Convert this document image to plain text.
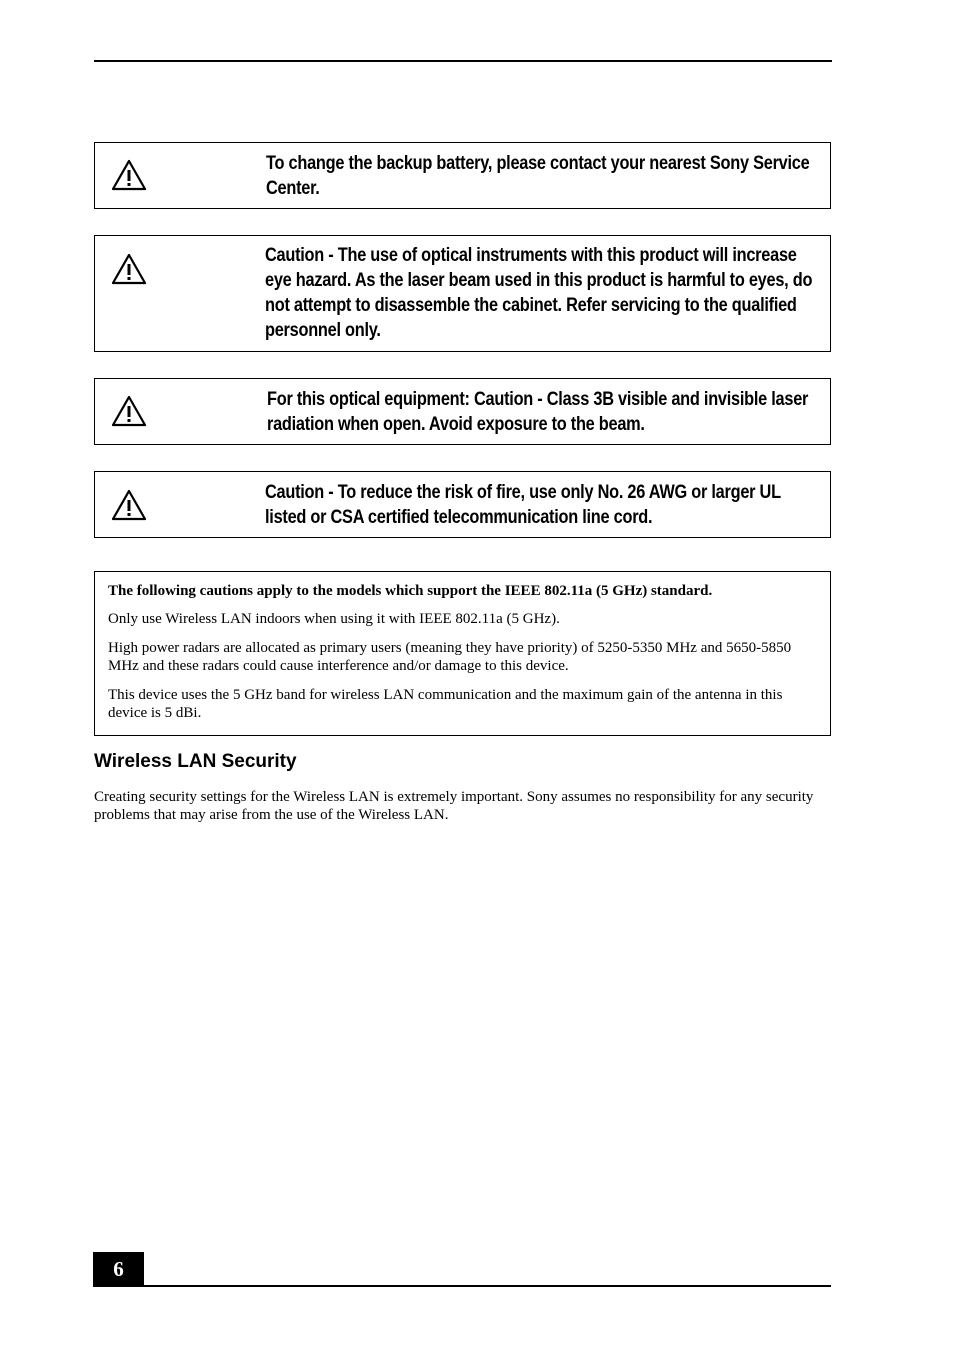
To change the backup battery, please contact your nearest Sony Service Center.
Caution - The use of optical instruments with this product will increase eye hazard. As the laser beam used in this product is harmful to eyes, do not attempt to disassemble the cabinet. Refer servicing to the qualified personnel only.
For this optical equipment: Caution - Class 3B visible and invisible laser radiation when open. Avoid exposure to the beam.
Caution - To reduce the risk of fire, use only No. 26 AWG or larger UL listed or CSA certified telecommunication line cord.

The following cautions apply to the models which support the IEEE 802.11a (5 GHz) standard.

Only use Wireless LAN indoors when using it with IEEE 802.11a (5 GHz).

High power radars are allocated as primary users (meaning they have priority) of 5250-5350 MHz and 5650-5850 MHz and these radars could cause interference and/or damage to this device.

This device uses the 5 GHz band for wireless LAN communication and the maximum gain of the antenna in this device is 5 dBi.

Wireless LAN Security
Creating security settings for the Wireless LAN is extremely important. Sony assumes no responsibility for any security problems that may arise from the use of the Wireless LAN.
6
